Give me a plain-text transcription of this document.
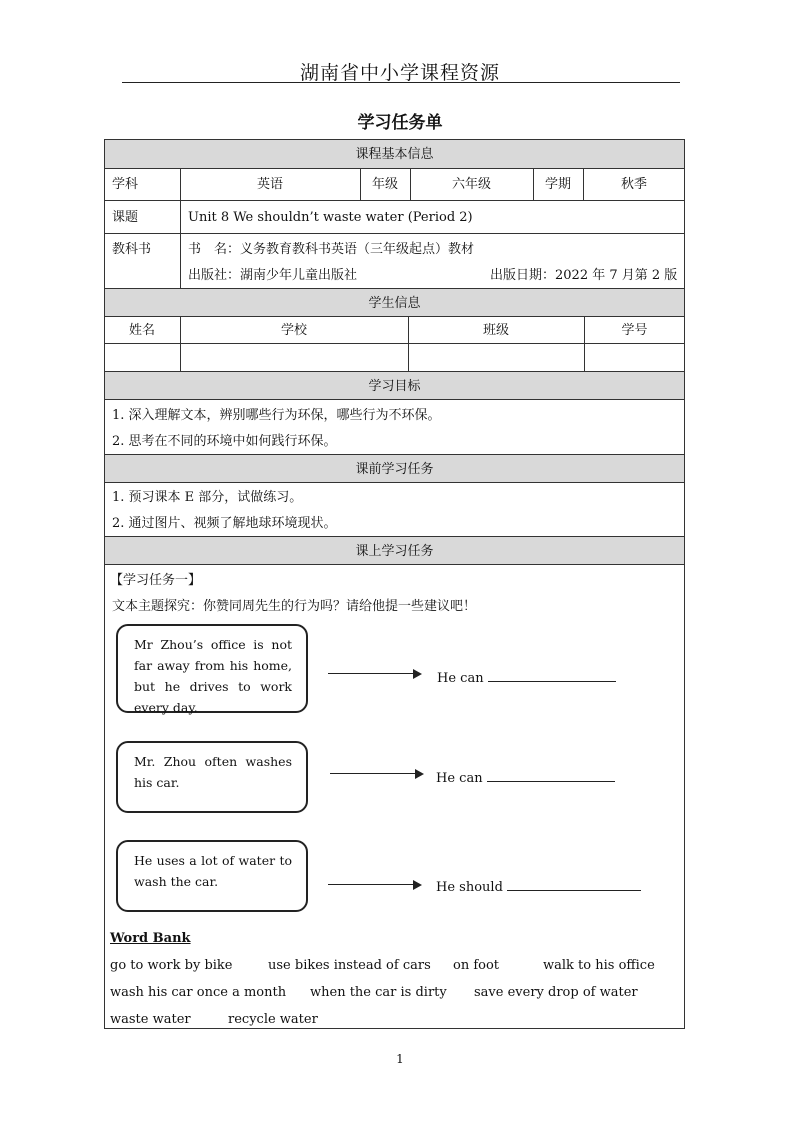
湖南省中小学课程资源
学习任务单
课程基本信息
学科	英语	年级	六年级	学期	秋季
课题	Unit 8 We shouldn’t waste water (Period 2)
教科书	书　名：义务教育教科书英语（三年级起点）教材
出版社：湖南少年儿童出版社	出版日期：2022 年 7 月第 2 版
学生信息
姓名	学校	班级	学号
学习目标
1. 深入理解文本，辨别哪些行为环保，哪些行为不环保。
2. 思考在不同的环境中如何践行环保。
课前学习任务
1. 预习课本 E 部分，试做练习。
2. 通过图片、视频了解地球环境现状。
课上学习任务
【学习任务一】
文本主题探究：你赞同周先生的行为吗？请给他提一些建议吧！
Mr Zhou’s office is not far away from his home, but he drives to work every day.
He can
Mr. Zhou often washes his car.	He can
He uses a lot of water to wash the car.	He should
Word Bank
go to work by bike	use bikes instead of cars on foot	walk to his office
wash his car once a month when the car is dirty save every drop of water
waste water	recycle water
1
